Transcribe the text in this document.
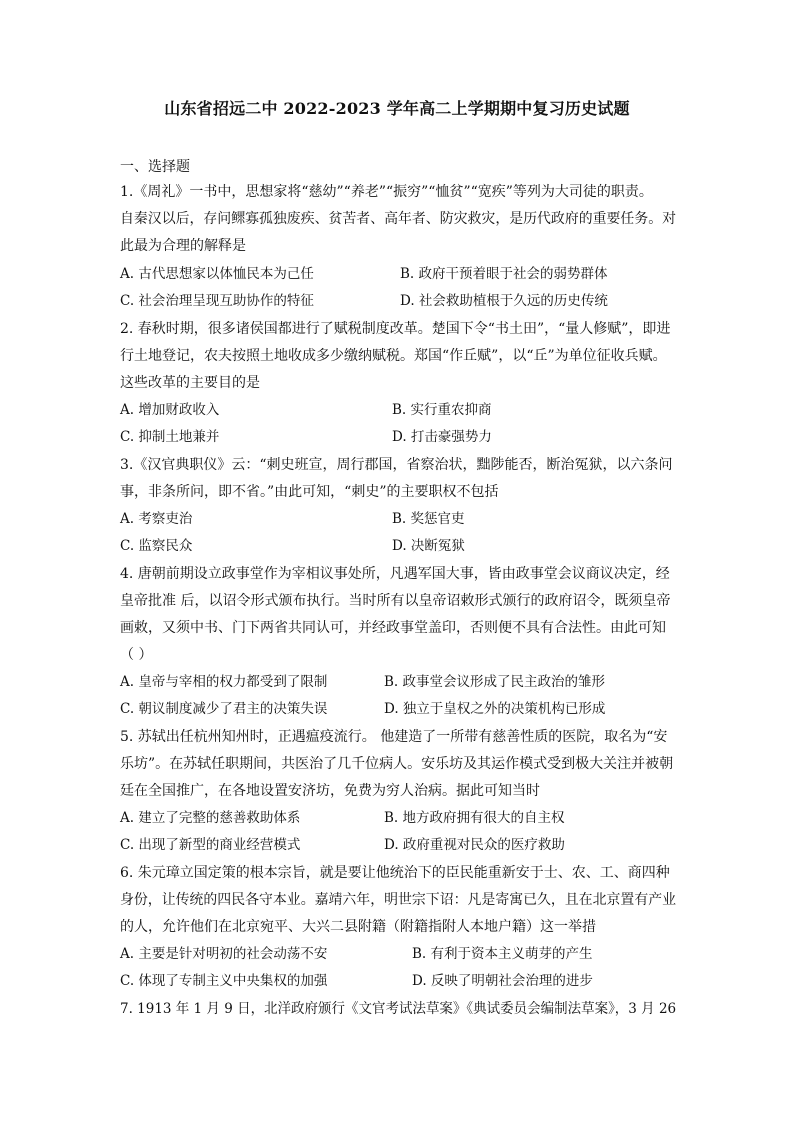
山东省招远二中 2022-2023 学年高二上学期期中复习历史试题
一、选择题
1.《周礼》一书中，思想家将“慈幼”“养老”“振穷”“恤贫”“宽疾”等列为大司徒的职责。
自秦汉以后，存问鳏寡孤独废疾、贫苦者、高年者、防灾救灾，是历代政府的重要任务。对
此最为合理的解释是
A. 古代思想家以体恤民本为己任	B. 政府干预着眼于社会的弱势群体
C. 社会治理呈现互助协作的特征	D. 社会救助植根于久远的历史传统
2. 春秋时期，很多诸侯国都进行了赋税制度改革。楚国下令“书土田”，“量人修赋”，即进
行土地登记，农夫按照土地收成多少缴纳赋税。郑国“作丘赋”，以“丘”为单位征收兵赋。
这些改革的主要目的是
A. 增加财政收入	B. 实行重农抑商
C. 抑制土地兼并	D. 打击豪强势力
3.《汉官典职仪》云：“刺史班宣，周行郡国，省察治状，黜陟能否，断治冤狱，以六条问
事，非条所问，即不省。”由此可知，“刺史”的主要职权不包括
A. 考察吏治	B. 奖惩官吏
C. 监察民众	D. 决断冤狱
4. 唐朝前期设立政事堂作为宰相议事处所，凡遇军国大事，皆由政事堂会议商议决定，经
皇帝批准 后，以诏令形式颁布执行。当时所有以皇帝诏敕形式颁行的政府诏令，既须皇帝
画敕，又须中书、门下两省共同认可，并经政事堂盖印，否则便不具有合法性。由此可知
（ ）
A. 皇帝与宰相的权力都受到了限制	B. 政事堂会议形成了民主政治的雏形
C. 朝议制度减少了君主的决策失误	D. 独立于皇权之外的决策机构已形成
5. 苏轼出任杭州知州时，正遇瘟疫流行。 他建造了一所带有慈善性质的医院，取名为“安
乐坊”。在苏轼任职期间，共医治了几千位病人。安乐坊及其运作模式受到极大关注并被朝
廷在全国推广，在各地设置安济坊，免费为穷人治病。据此可知当时
A. 建立了完整的慈善救助体系	B. 地方政府拥有很大的自主权
C. 出现了新型的商业经营模式	D. 政府重视对民众的医疗救助
6. 朱元璋立国定策的根本宗旨，就是要让他统治下的臣民能重新安于士、农、工、商四种
身份，让传统的四民各守本业。嘉靖六年，明世宗下诏：凡是寄寓已久，且在北京置有产业
的人，允许他们在北京宛平、大兴二县附籍（附籍指附人本地户籍）这一举措
A. 主要是针对明初的社会动荡不安	B. 有利于资本主义萌芽的产生
C. 体现了专制主义中央集权的加强	D. 反映了明朝社会治理的进步
7. 1913 年 1 月 9 日，北洋政府颁行《文官考试法草案》《典试委员会编制法草案》，3 月 26
